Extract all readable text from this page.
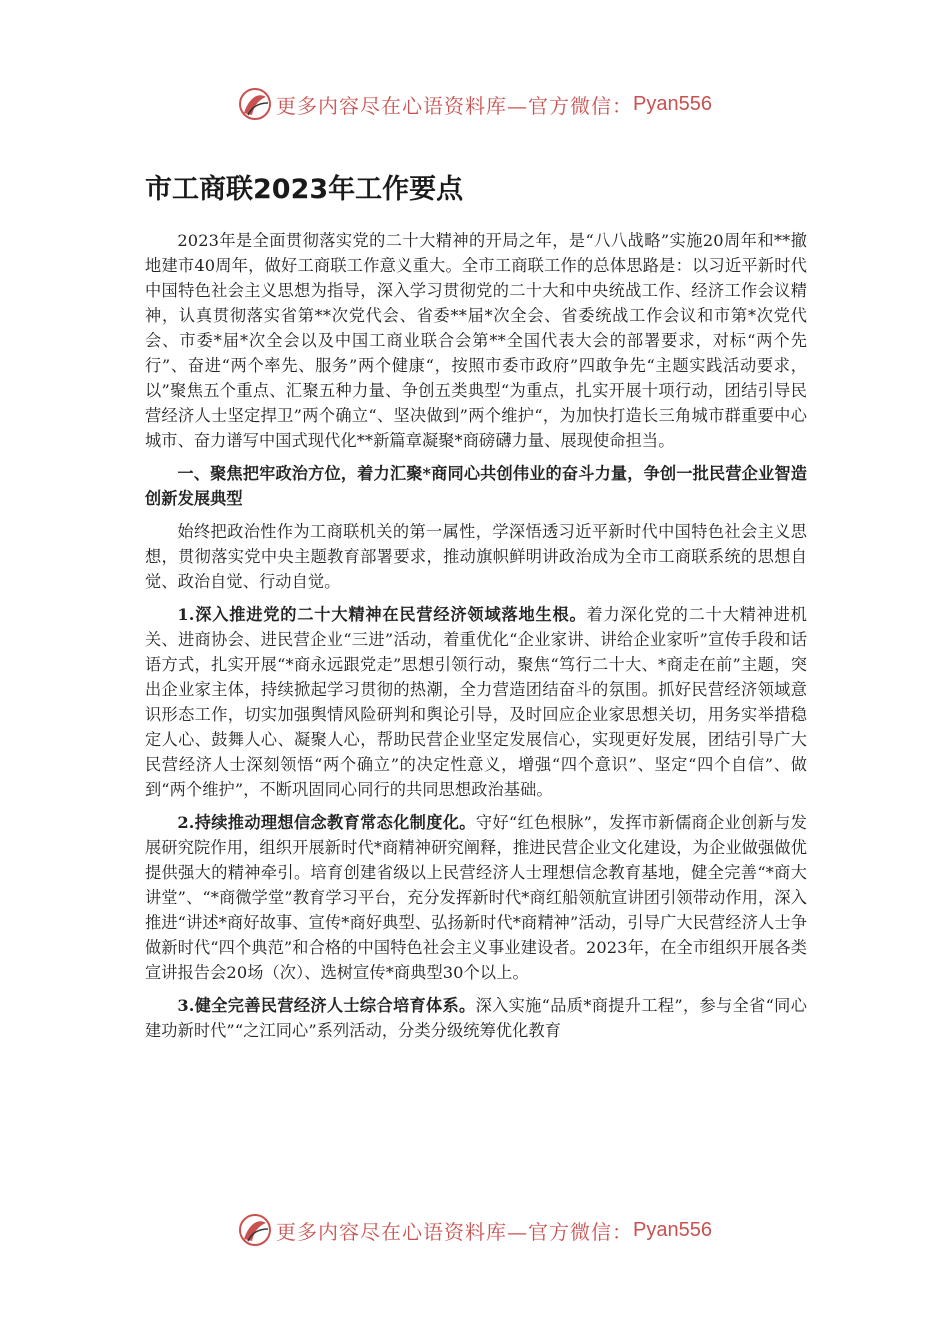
更多内容尽在心语资料库—官方微信： Pyan556
市工商联2023年工作要点

2023年是全面贯彻落实党的二十大精神的开局之年，是“八八战略”实施20周年和**撤地建市40周年，做好工商联工作意义重大。全市工商联工作的总体思路是：以习近平新时代中国特色社会主义思想为指导，深入学习贯彻党的二十大和中央统战工作、经济工作会议精神，认真贯彻落实省第**次党代会、省委**届*次全会、省委统战工作会议和市第*次党代会、市委*届*次全会以及中国工商业联合会第**全国代表大会的部署要求，对标“两个先行”、奋进“两个率先、服务”两个健康“，按照市委市政府”四敢争先“主题实践活动要求，以”聚焦五个重点、汇聚五种力量、争创五类典型“为重点，扎实开展十项行动，团结引导民营经济人士坚定捍卫”两个确立“、坚决做到”两个维护“，为加快打造长三角城市群重要中心城市、奋力谱写中国式现代化**新篇章凝聚*商磅礴力量、展现使命担当。

一、聚焦把牢政治方位，着力汇聚*商同心共创伟业的奋斗力量，争创一批民营企业智造创新发展典型

始终把政治性作为工商联机关的第一属性，学深悟透习近平新时代中国特色社会主义思想，贯彻落实党中央主题教育部署要求，推动旗帜鲜明讲政治成为全市工商联系统的思想自觉、政治自觉、行动自觉。

1.深入推进党的二十大精神在民营经济领域落地生根。着力深化党的二十大精神进机关、进商协会、进民营企业“三进”活动，着重优化“企业家讲、讲给企业家听”宣传手段和话语方式，扎实开展“*商永远跟党走”思想引领行动，聚焦“笃行二十大、*商走在前”主题，突出企业家主体，持续掀起学习贯彻的热潮，全力营造团结奋斗的氛围。抓好民营经济领域意识形态工作，切实加强舆情风险研判和舆论引导，及时回应企业家思想关切，用务实举措稳定人心、鼓舞人心、凝聚人心，帮助民营企业坚定发展信心，实现更好发展，团结引导广大民营经济人士深刻领悟“两个确立”的决定性意义，增强“四个意识”、坚定“四个自信”、做到“两个维护”，不断巩固同心同行的共同思想政治基础。

2.持续推动理想信念教育常态化制度化。守好“红色根脉”，发挥市新儒商企业创新与发展研究院作用，组织开展新时代*商精神研究阐释，推进民营企业文化建设，为企业做强做优提供强大的精神牵引。培育创建省级以上民营经济人士理想信念教育基地，健全完善“*商大讲堂”、“*商微学堂”教育学习平台，充分发挥新时代*商红船领航宣讲团引领带动作用，深入推进“讲述*商好故事、宣传*商好典型、弘扬新时代*商精神”活动，引导广大民营经济人士争做新时代“四个典范”和合格的中国特色社会主义事业建设者。2023年，在全市组织开展各类宣讲报告会20场（次）、选树宣传*商典型30个以上。

3.健全完善民营经济人士综合培育体系。深入实施“品质*商提升工程”，参与全省“同心建功新时代”“之江同心”系列活动，分类分级统筹优化教育

更多内容尽在心语资料库—官方微信： Pyan556
